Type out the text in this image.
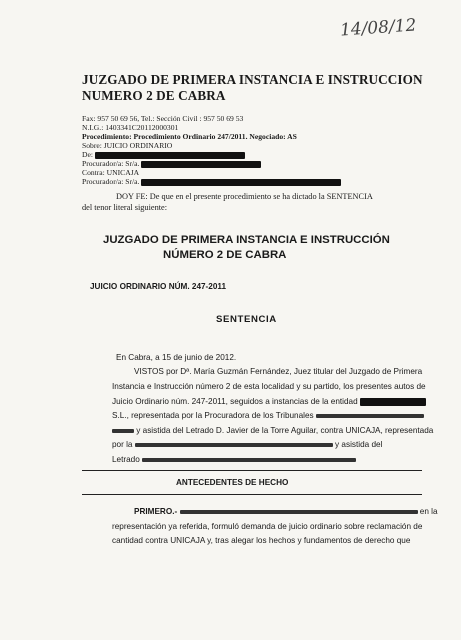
14/08/12
JUZGADO DE PRIMERA INSTANCIA E INSTRUCCION
NUMERO 2 DE CABRA
Fax: 957 50 69 56, Tel.: Sección Civil : 957 50 69 53
N.I.G.: 1403341C20112000301
Procedimiento: Procedimiento Ordinario 247/2011. Negociado: AS
Sobre: JUICIO ORDINARIO
De:
Procurador/a: Sr/a.
Contra: UNICAJA
Procurador/a: Sr/a.
DOY FE: De que en el presente procedimiento se ha dictado la SENTENCIA
del tenor literal siguiente:
JUZGADO DE PRIMERA INSTANCIA E INSTRUCCIÓN
NÚMERO 2 DE CABRA
JUICIO ORDINARIO NÚM. 247-2011
SENTENCIA
En Cabra, a 15 de junio de 2012.
VISTOS por Dª. María Guzmán Fernández, Juez titular del Juzgado de Primera
Instancia e Instrucción número 2 de esta localidad y su partido, los presentes autos de
Juicio Ordinario núm. 247-2011, seguidos a instancias de la entidad
S.L., representada por la Procuradora de los Tribunales
y asistida del Letrado D. Javier de la Torre Aguilar, contra UNICAJA, representada
por la	y asistida del
Letrado
ANTECEDENTES DE HECHO
PRIMERO.-	en la
representación ya referida, formuló demanda de juicio ordinario sobre reclamación de
cantidad contra UNICAJA y, tras alegar los hechos y fundamentos de derecho que
